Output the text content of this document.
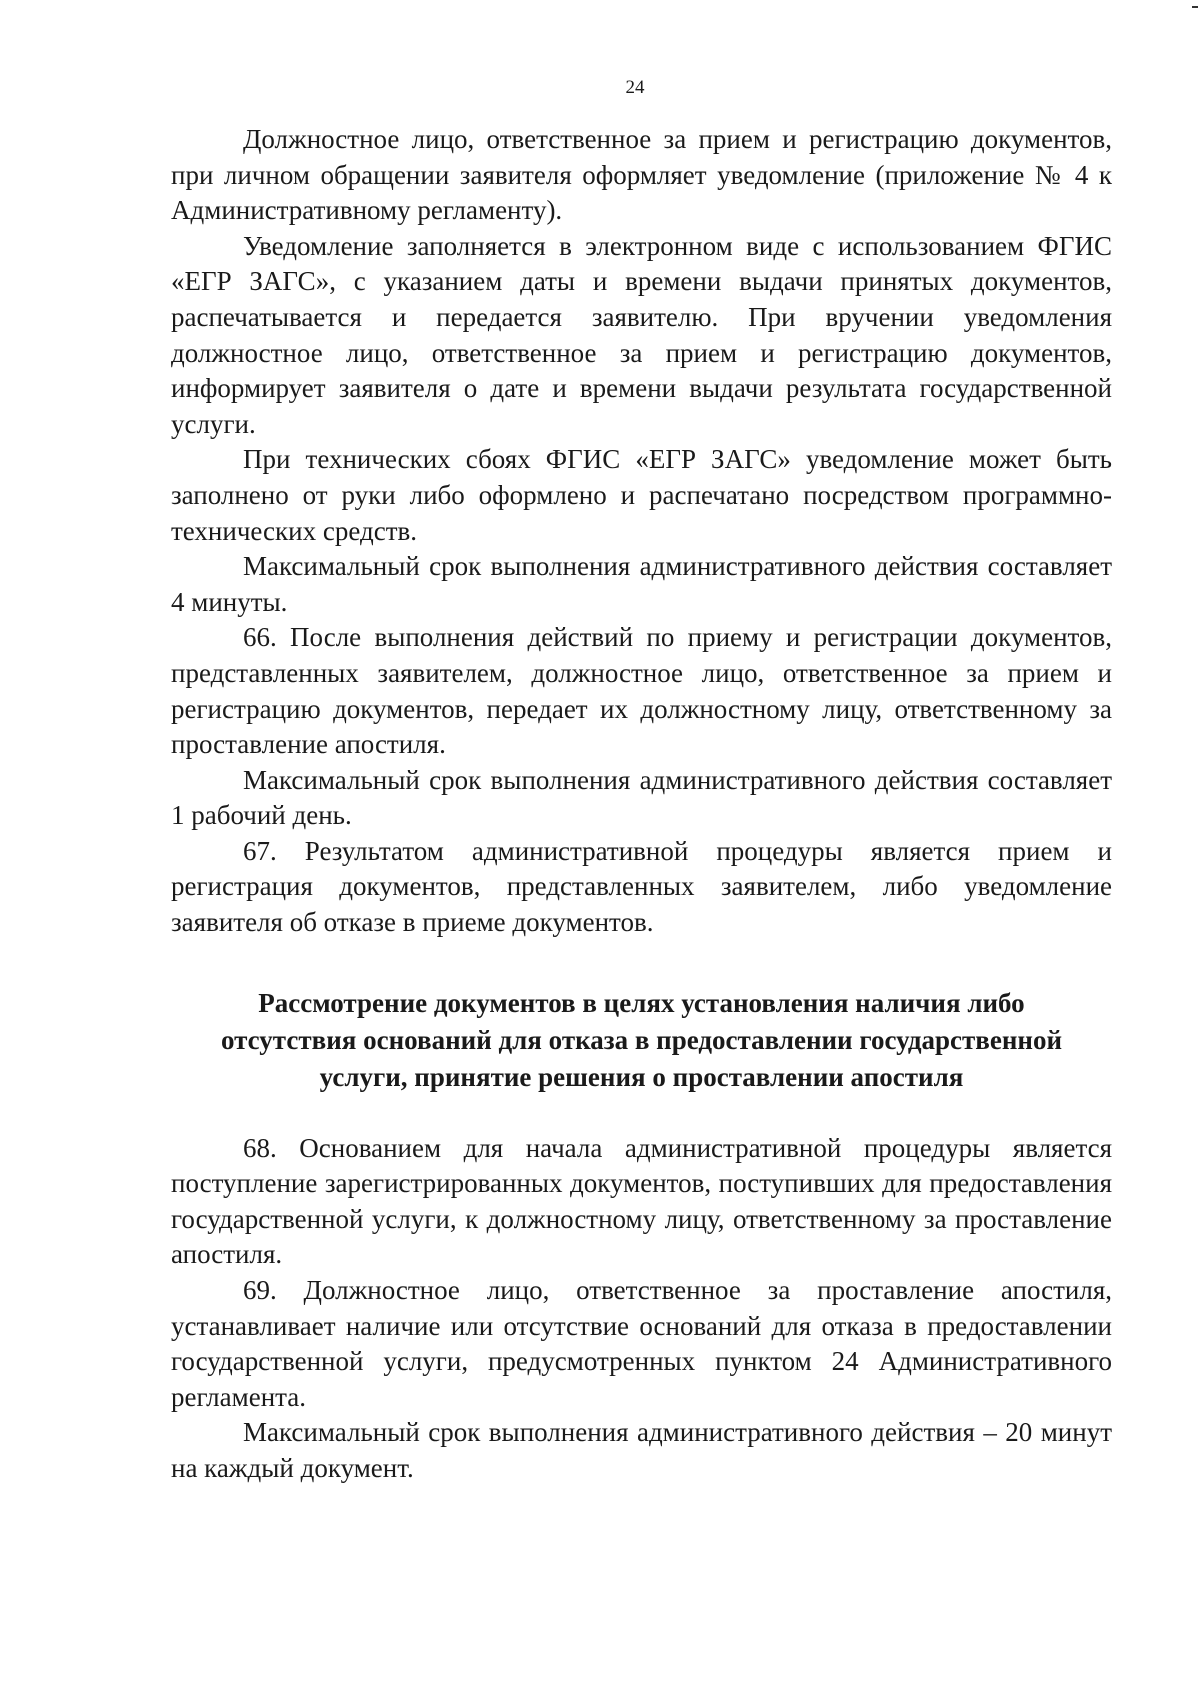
24

Должностное лицо, ответственное за прием и регистрацию документов, при личном обращении заявителя оформляет уведомление (приложение № 4 к Административному регламенту).

Уведомление заполняется в электронном виде с использованием ФГИС «ЕГР ЗАГС», с указанием даты и времени выдачи принятых документов, распечатывается и передается заявителю. При вручении уведомления должностное лицо, ответственное за прием и регистрацию документов, информирует заявителя о дате и времени выдачи результата государственной услуги.

При технических сбоях ФГИС «ЕГР ЗАГС» уведомление может быть заполнено от руки либо оформлено и распечатано посредством программно-технических средств.

Максимальный срок выполнения административного действия составляет 4 минуты.

66. После выполнения действий по приему и регистрации документов, представленных заявителем, должностное лицо, ответственное за прием и регистрацию документов, передает их должностному лицу, ответственному за проставление апостиля.

Максимальный срок выполнения административного действия составляет 1 рабочий день.

67. Результатом административной процедуры является прием и регистрация документов, представленных заявителем, либо уведомление заявителя об отказе в приеме документов.

Рассмотрение документов в целях установления наличия либо
отсутствия оснований для отказа в предоставлении государственной
услуги, принятие решения о проставлении апостиля

68. Основанием для начала административной процедуры является поступление зарегистрированных документов, поступивших для предоставления государственной услуги, к должностному лицу, ответственному за проставление апостиля.

69. Должностное лицо, ответственное за проставление апостиля, устанавливает наличие или отсутствие оснований для отказа в предоставлении государственной услуги, предусмотренных пунктом 24 Административного регламента.

Максимальный срок выполнения административного действия – 20 минут на каждый документ.
